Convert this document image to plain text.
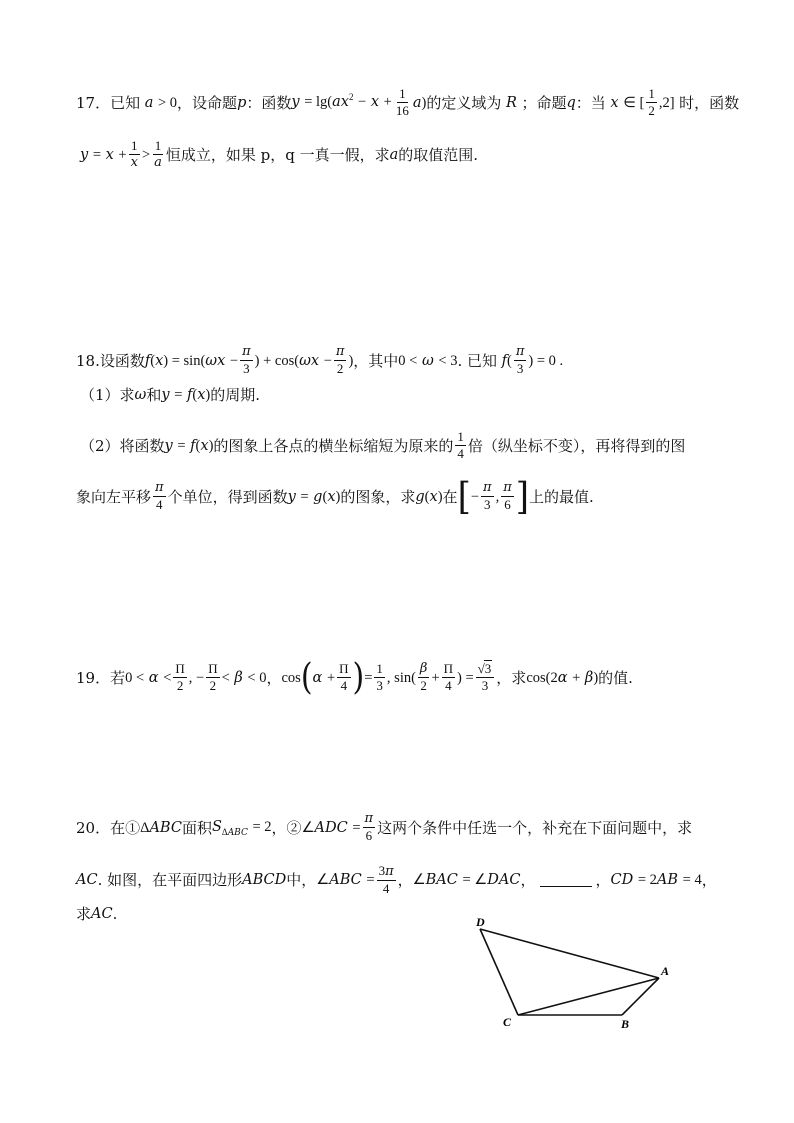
17． 已知 a > 0 ，设命题 p ：函数 $y = \lg(ax^2 - x + \frac{1}{16} a)$ 的定义域为 R ；命题 q ：当 x ∈ [ $\frac{1}{2} ,2$] 时，函数
$y = x + \frac{1}{x} > \frac{1}{a}$ 恒成立，如果 p，q 一真一假，求 a 的取值范围.
18. 设函数 $f(x) = \sin(\omega x - \frac{\pi}{3}$ ) + $\cos(\omega x - \frac{\pi}{2}$ ) ，其中 0 < ω < 3 . 已知 $f( \frac{\pi}{3}$ ) = 0 .
（1）求 ω 和 y = f(x) 的周期.
（2）将函数 y = f(x) 的图象上各点的横坐标缩短为原来的 $\frac{1}{4}$ 倍（纵坐标不变），再将得到的图
象向左平移 $\frac{\pi}{4}$ 个单位，得到函数 y = g(x) 的图象，求 g(x) 在 [ − $\frac{\pi}{3}$ , $\frac{\pi}{6}$ ] 上的最值.
19． 若 $0 < \alpha < \frac{\Pi}{2}$ , − $\frac{\Pi}{2} < \beta < 0$ ， cos ( $\alpha + \frac{\Pi}{4}$ ) = $\frac{1}{3}$ , $\sin( \frac{\beta}{2} + \frac{\Pi}{4}$ ) = $\frac{√3}{3}$ ，求 cos(2α + β) 的值.
20． 在① ΔABC 面积 $S_{\Delta ABC} = 2$ ，② ∠ADC = $\frac{\pi}{6}$ 这两个条件中任选一个，补充在下面问题中，求
AC . 如图，在平面四边形 ABCD 中， ∠ABC = $\frac{3\pi}{4}$ ， ∠BAC = ∠DAC ，	， CD = 2AB = 4 ，
求 AC .	D
A
C	B
